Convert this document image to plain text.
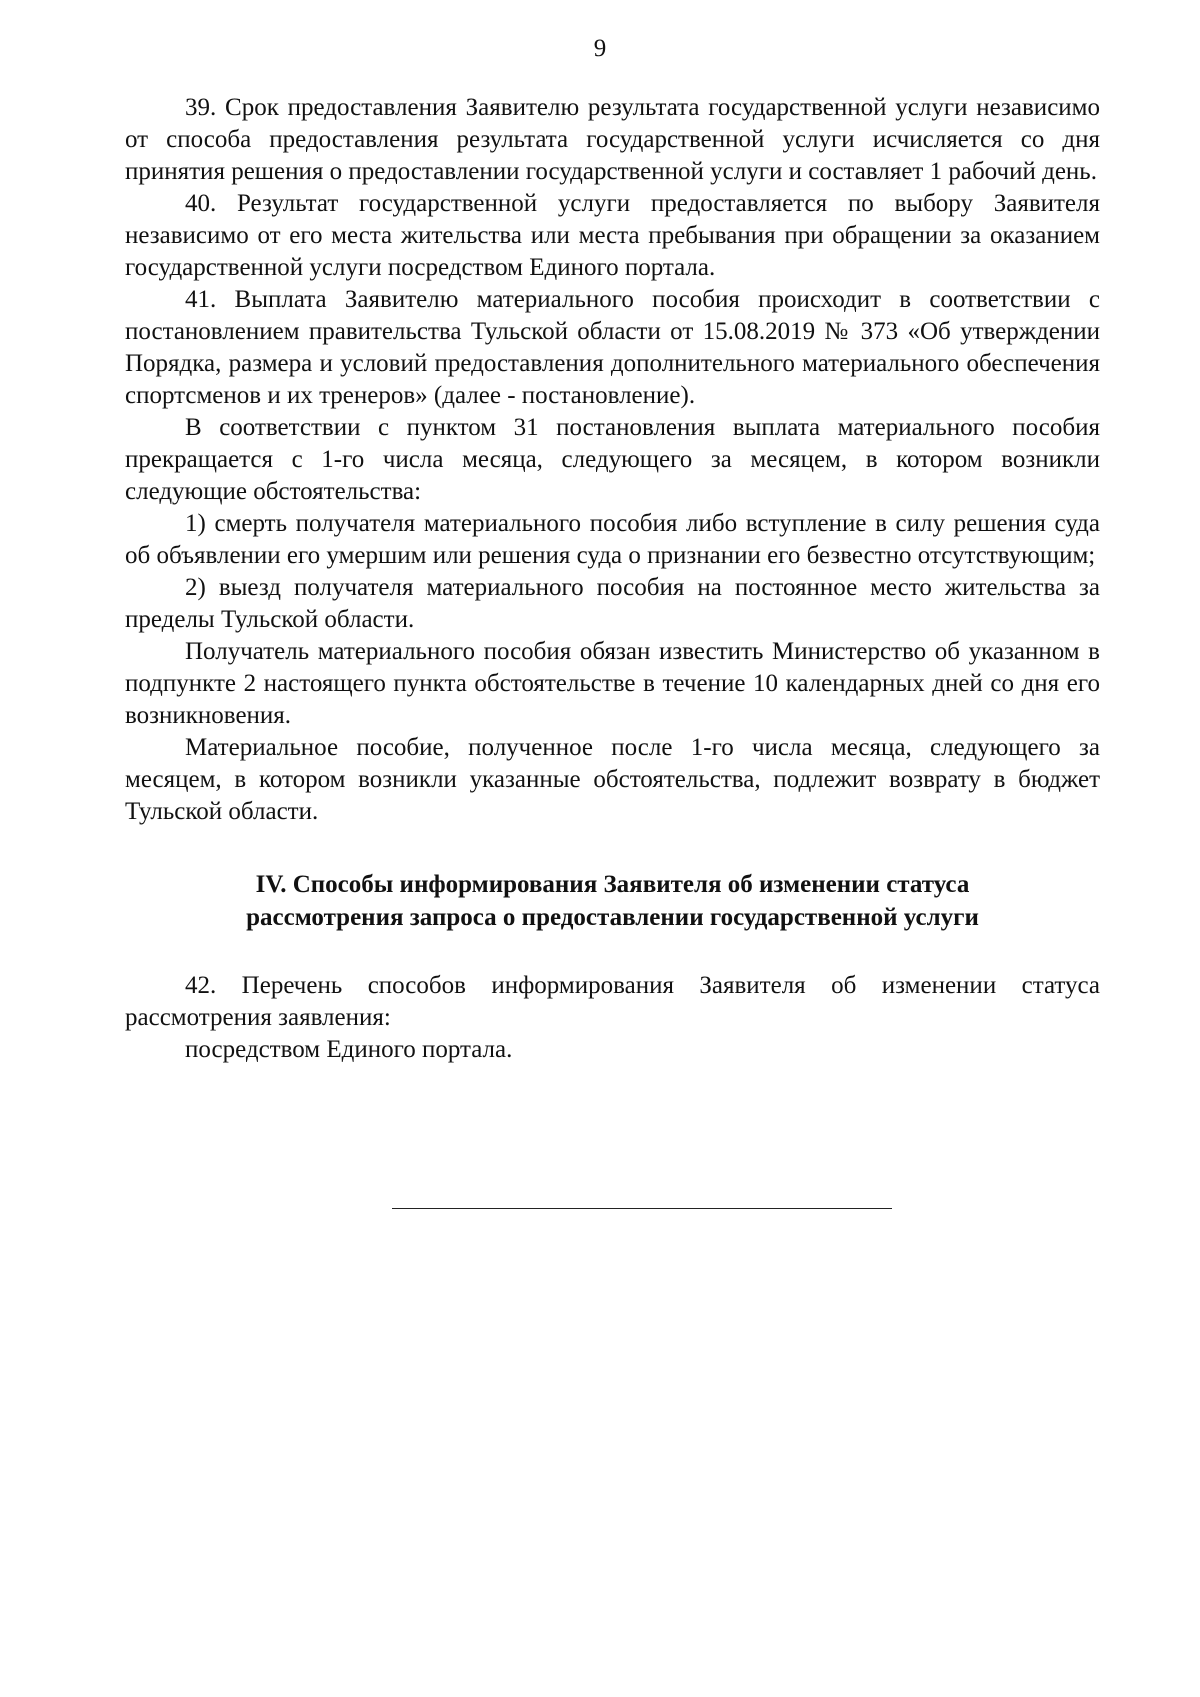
9

39. Срок предоставления Заявителю результата государственной услуги независимо от способа предоставления результата государственной услуги исчисляется со дня принятия решения о предоставлении государственной услуги и составляет 1 рабочий день.

40. Результат государственной услуги предоставляется по выбору Заявителя независимо от его места жительства или места пребывания при обращении за оказанием государственной услуги посредством Единого портала.

41. Выплата Заявителю материального пособия происходит в соответствии с постановлением правительства Тульской области от 15.08.2019 № 373 «Об утверждении Порядка, размера и условий предоставления дополнительного материального обеспечения спортсменов и их тренеров» (далее - постановление).

В соответствии с пунктом 31 постановления выплата материального пособия прекращается с 1-го числа месяца, следующего за месяцем, в котором возникли следующие обстоятельства:

1) смерть получателя материального пособия либо вступление в силу решения суда об объявлении его умершим или решения суда о признании его безвестно отсутствующим;

2) выезд получателя материального пособия на постоянное место жительства за пределы Тульской области.

Получатель материального пособия обязан известить Министерство об указанном в подпункте 2 настоящего пункта обстоятельстве в течение 10 календарных дней со дня его возникновения.

Материальное пособие, полученное после 1-го числа месяца, следующего за месяцем, в котором возникли указанные обстоятельства, подлежит возврату в бюджет Тульской области.

IV. Способы информирования Заявителя об изменении статуса
рассмотрения запроса о предоставлении государственной услуги

42. Перечень способов информирования Заявителя об изменении статуса рассмотрения заявления:

посредством Единого портала.
